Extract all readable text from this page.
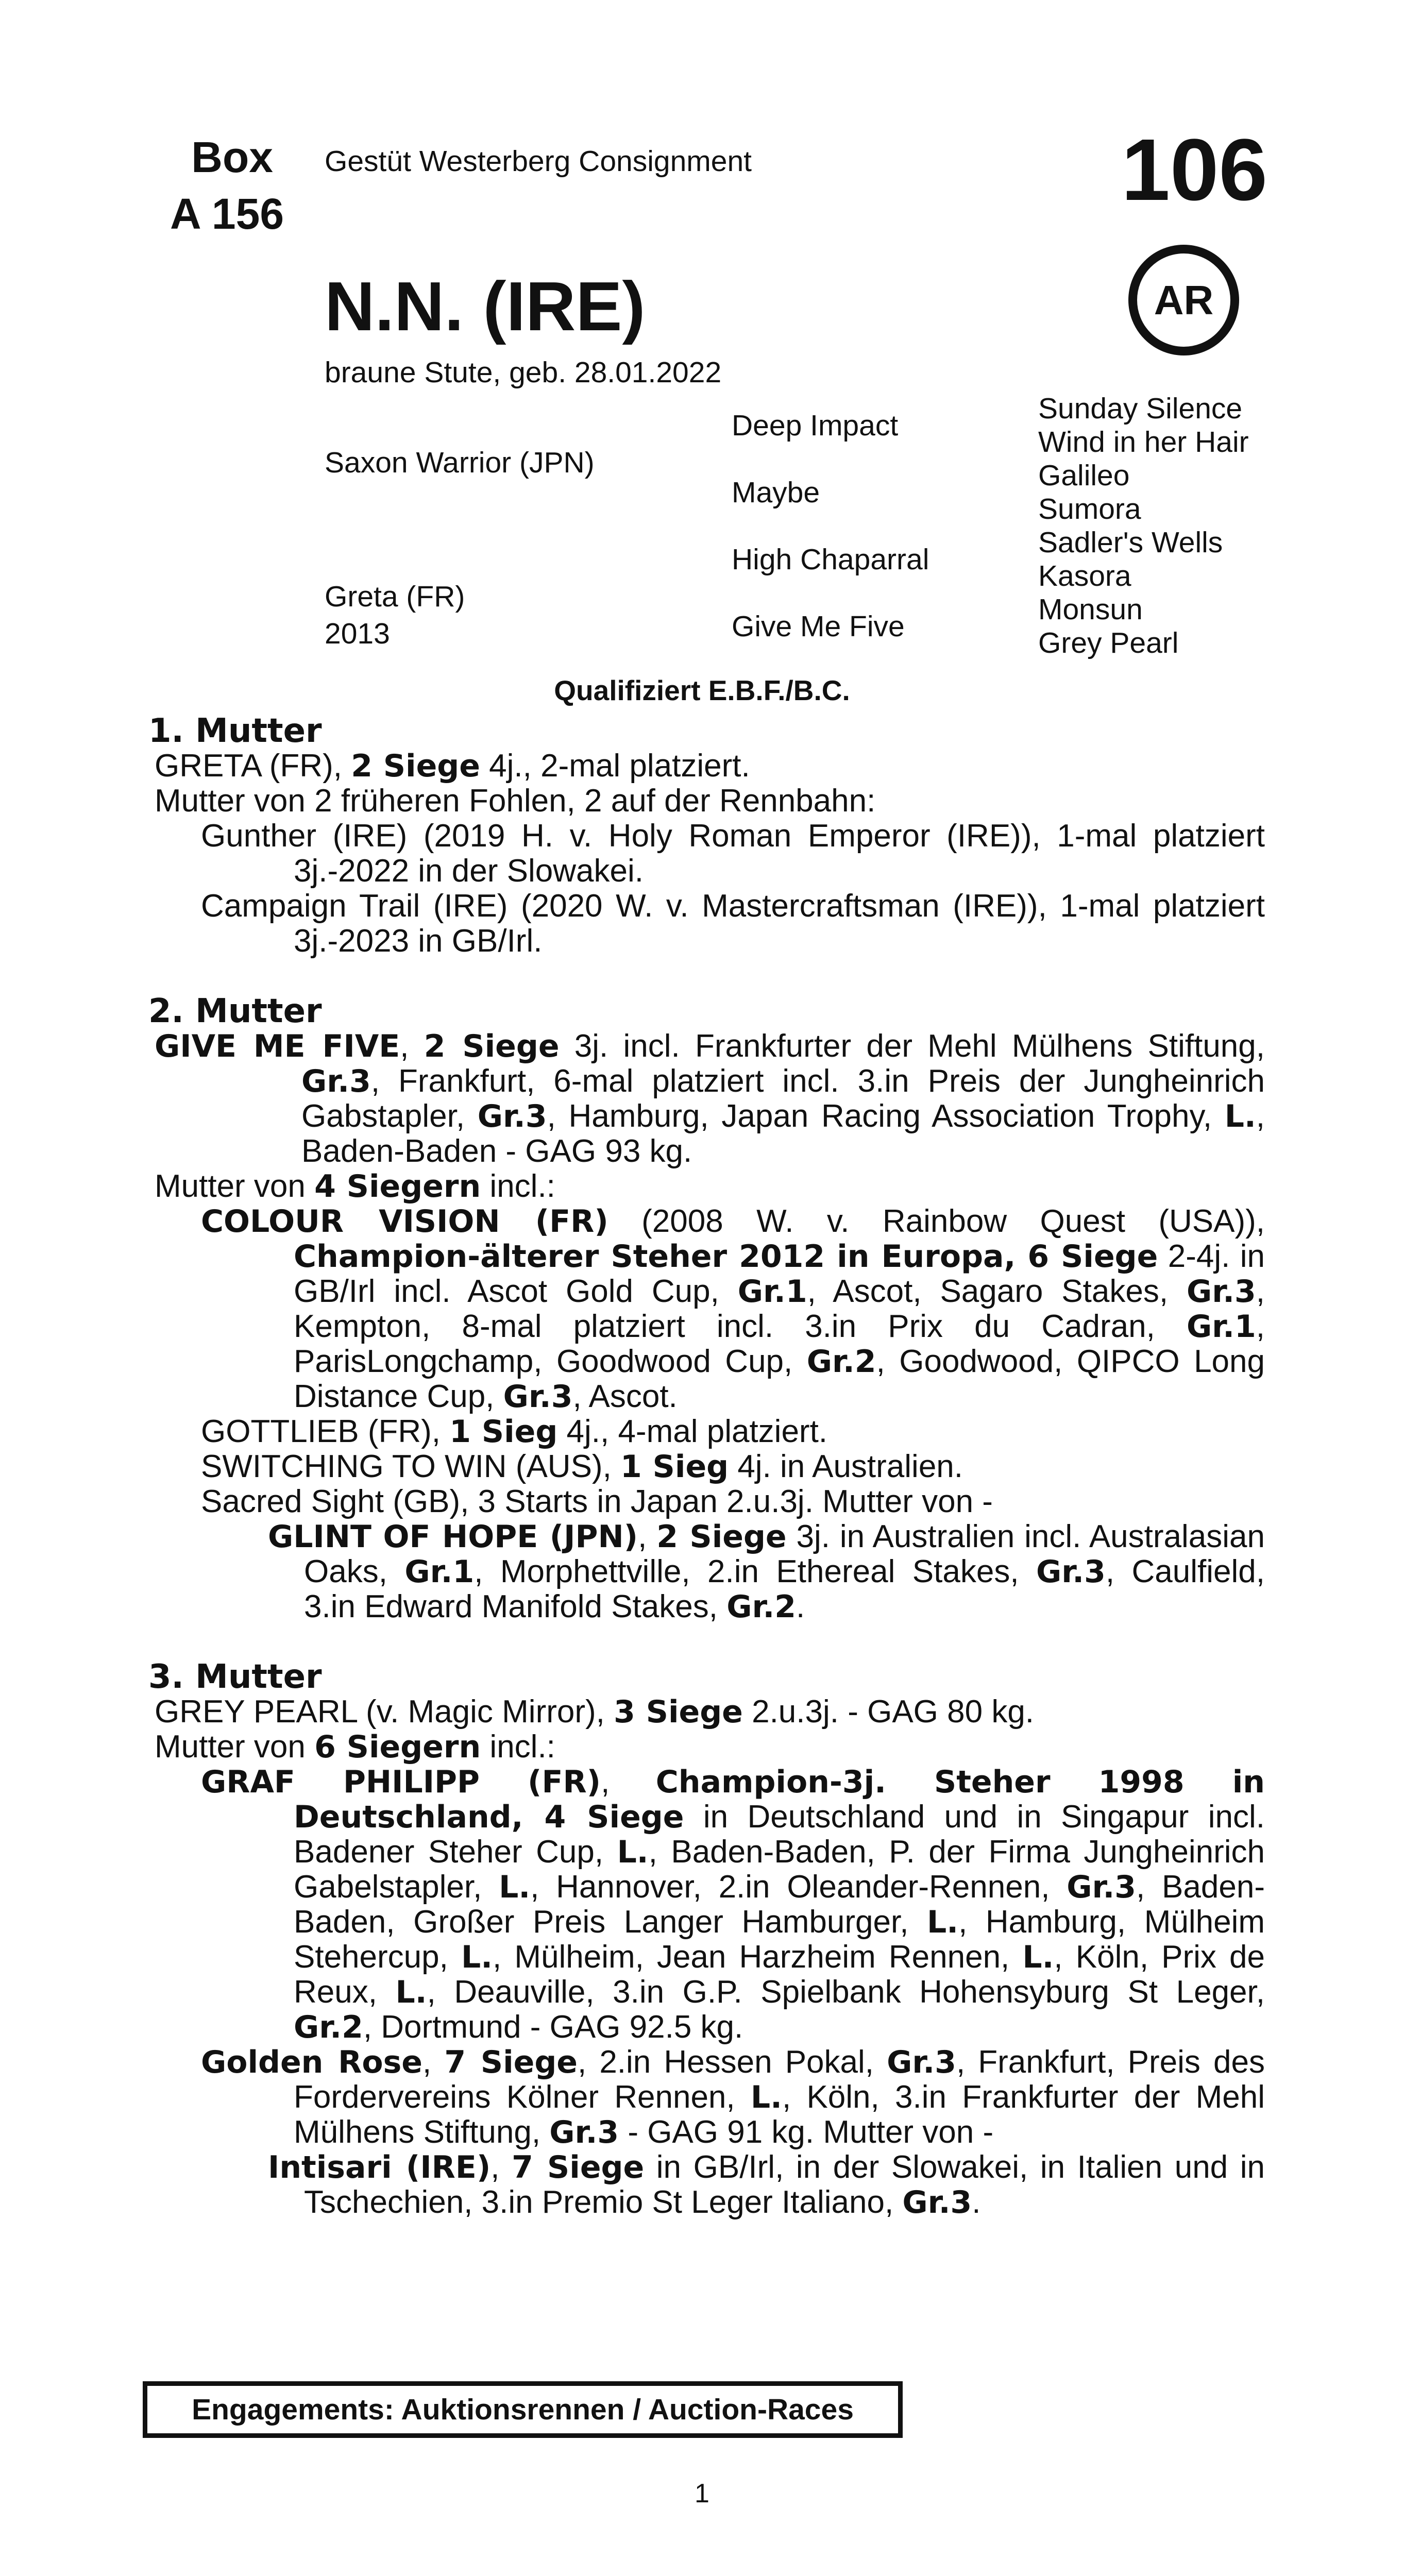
Box
A 156
Gestüt Westerberg Consignment	106
N.N. (IRE)	AR
braune Stute, geb. 28.01.2022
Saxon Warrior (JPN)
Greta (FR)
2013
Deep Impact
Maybe
High Chaparral
Give Me Five
Sunday Silence
Wind in her Hair
Galileo
Sumora
Sadler's Wells
Kasora
Monsun
Grey Pearl
Qualifiziert E.B.F./B.C.
1. Mutter
GRETA (FR), 2 Siege 4j., 2-mal platziert.
Mutter von 2 früheren Fohlen, 2 auf der Rennbahn:
Gunther (IRE) (2019 H. v. Holy Roman Emperor (IRE)), 1-mal platziert 3j.-2022 in der Slowakei.
Campaign Trail (IRE) (2020 W. v. Mastercraftsman (IRE)), 1-mal platziert 3j.-2023 in GB/Irl.
2. Mutter
GIVE ME FIVE, 2 Siege 3j. incl. Frankfurter der Mehl Mülhens Stiftung, Gr.3, Frankfurt, 6-mal platziert incl. 3.in Preis der Jungheinrich Gabstapler, Gr.3, Hamburg, Japan Racing Association Trophy, L., Baden-Baden - GAG 93 kg.
Mutter von 4 Siegern incl.:
COLOUR VISION (FR) (2008 W. v. Rainbow Quest (USA)), Champion-älterer Steher 2012 in Europa, 6 Siege 2-4j. in GB/Irl incl. Ascot Gold Cup, Gr.1, Ascot, Sagaro Stakes, Gr.3, Kempton, 8-mal platziert incl. 3.in Prix du Cadran, Gr.1, ParisLongchamp, Goodwood Cup, Gr.2, Goodwood, QIPCO Long Distance Cup, Gr.3, Ascot.
GOTTLIEB (FR), 1 Sieg 4j., 4-mal platziert.
SWITCHING TO WIN (AUS), 1 Sieg 4j. in Australien.
Sacred Sight (GB), 3 Starts in Japan 2.u.3j. Mutter von -
GLINT OF HOPE (JPN), 2 Siege 3j. in Australien incl. Australasian Oaks, Gr.1, Morphettville, 2.in Ethereal Stakes, Gr.3, Caulfield, 3.in Edward Manifold Stakes, Gr.2.
3. Mutter
GREY PEARL (v. Magic Mirror), 3 Siege 2.u.3j. - GAG 80 kg.
Mutter von 6 Siegern incl.:
GRAF PHILIPP (FR), Champion-3j. Steher 1998 in Deutschland, 4 Siege in Deutschland und in Singapur incl. Badener Steher Cup, L., Baden-Baden, P. der Firma Jungheinrich Gabelstapler, L., Hannover, 2.in Oleander-Rennen, Gr.3, Baden-Baden, Großer Preis Langer Hamburger, L., Hamburg, Mülheim Stehercup, L., Mülheim, Jean Harzheim Rennen, L., Köln, Prix de Reux, L., Deauville, 3.in G.P. Spielbank Hohensyburg St Leger, Gr.2, Dortmund - GAG 92.5 kg.
Golden Rose, 7 Siege, 2.in Hessen Pokal, Gr.3, Frankfurt, Preis des Fordervereins Kölner Rennen, L., Köln, 3.in Frankfurter der Mehl Mülhens Stiftung, Gr.3 - GAG 91 kg. Mutter von -
Intisari (IRE), 7 Siege in GB/Irl, in der Slowakei, in Italien und in Tschechien, 3.in Premio St Leger Italiano, Gr.3.
Engagements: Auktionsrennen / Auction-Races
1
